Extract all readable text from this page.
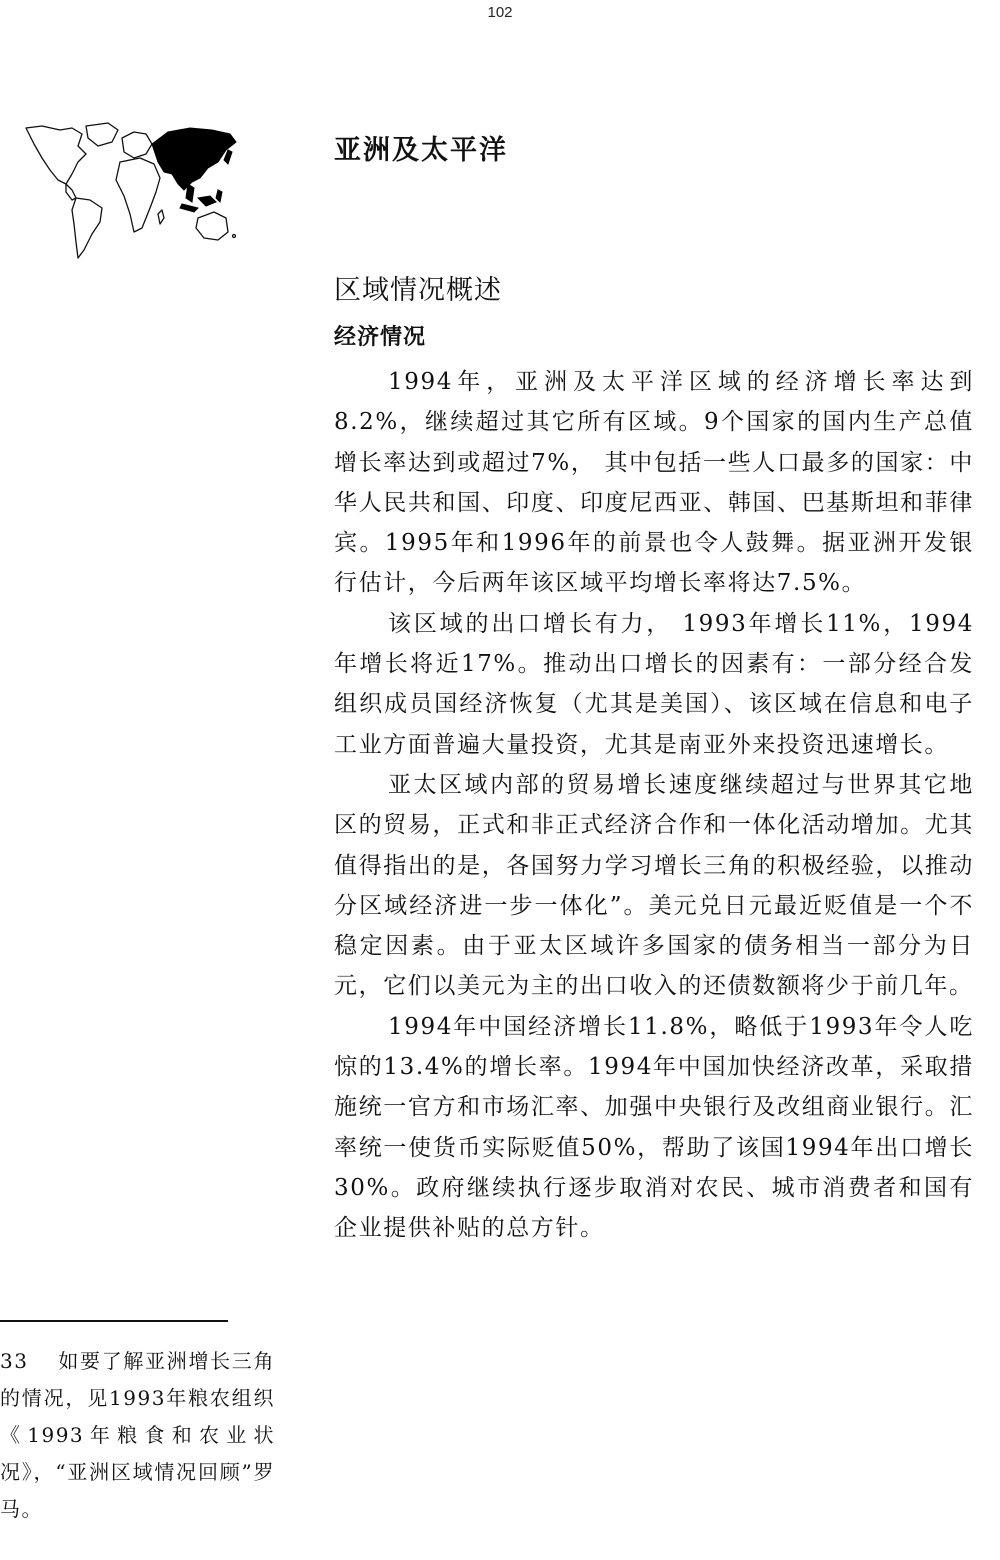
102
亚洲及太平洋
区域情况概述
经济情况

1994年，亚洲及太平洋区域的经济增长率达到8.2%，继续超过其它所有区域。9个国家的国内生产总值增长率达到或超过7%， 其中包括一些人口最多的国家：中华人民共和国、印度、印度尼西亚、韩国、巴基斯坦和菲律宾。1995年和1996年的前景也令人鼓舞。据亚洲开发银行估计，今后两年该区域平均增长率将达7.5%。

该区域的出口增长有力， 1993年增长11%，1994年增长将近17%。推动出口增长的因素有：一部分经合发组织成员国经济恢复（尤其是美国）、该区域在信息和电子工业方面普遍大量投资，尤其是南亚外来投资迅速增长。

亚太区域内部的贸易增长速度继续超过与世界其它地区的贸易，正式和非正式经济合作和一体化活动增加。尤其值得指出的是，各国努力学习增长三角的积极经验，以推动分区域经济进一步一体化”。美元兑日元最近贬值是一个不稳定因素。由于亚太区域许多国家的债务相当一部分为日元，它们以美元为主的出口收入的还债数额将少于前几年。

1994年中国经济增长11.8%，略低于1993年令人吃惊的13.4%的增长率。1994年中国加快经济改革，采取措施统一官方和市场汇率、加强中央银行及改组商业银行。汇率统一使货币实际贬值50%，帮助了该国1994年出口增长30%。政府继续执行逐步取消对农民、城市消费者和国有企业提供补贴的总方针。

33　 如要了解亚洲增长三角的情况，见1993年粮农组织《1993年粮食和农业状况》，“亚洲区域情况回顾”罗马。
